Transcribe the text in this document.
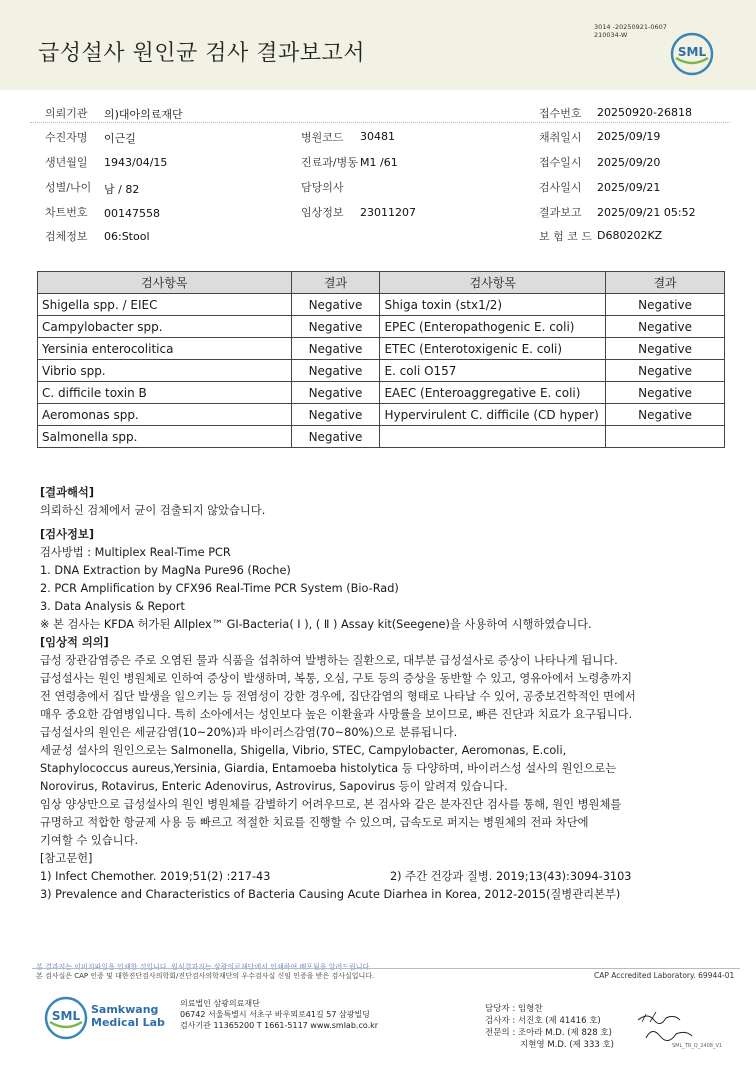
급성설사 원인균 검사 결과보고서
3014 -20250921-0607
210034-W
SML
의뢰기관 의)대아의료재단	접수번호 20250920-26818
수진자명 이근길	병원코드 30481	채취일시 2025/09/19
생년월일 1943/04/15	진료과/병동 M1 /61	접수일시 2025/09/20
성별/나이 남 / 82	담당의사	검사일시 2025/09/21
차트번호 00147558	임상정보 23011207	결과보고 2025/09/21 05:52
검체정보 06:Stool	보 험 코 드 D680202KZ
검사항목	결과	검사항목	결과
Shigella spp. / EIEC	Negative	Shiga toxin (stx1/2)	Negative
Campylobacter spp.	Negative	EPEC (Enteropathogenic E. coli)	Negative
Yersinia enterocolitica	Negative	ETEC (Enterotoxigenic E. coli)	Negative
Vibrio spp.	Negative	E. coli O157	Negative
C. difficile toxin B	Negative	EAEC (Enteroaggregative E. coli)	Negative
Aeromonas spp.	Negative	Hypervirulent C. difficile (CD hyper)	Negative
Salmonella spp.	Negative		
[결과해석]
의뢰하신 검체에서 균이 검출되지 않았습니다.
[검사정보]
검사방법 : Multiplex Real-Time PCR
1. DNA Extraction by MagNa Pure96 (Roche)
2. PCR Amplification by CFX96 Real-Time PCR System (Bio-Rad)
3. Data Analysis & Report
※ 본 검사는 KFDA 허가된 Allplex™ GI-Bacteria( Ⅰ ), ( Ⅱ ) Assay kit(Seegene)을 사용하여 시행하였습니다.
[임상적 의의]
급성 장관감염증은 주로 오염된 물과 식품을 섭취하여 발병하는 질환으로, 대부분 급성설사로 증상이 나타나게 됩니다.
급성설사는 원인 병원체로 인하여 증상이 발생하며, 복통, 오심, 구토 등의 증상을 동반할 수 있고, 영유아에서 노령층까지
전 연령층에서 집단 발생을 일으키는 등 전염성이 강한 경우에, 집단감염의 형태로 나타날 수 있어, 공중보건학적인 면에서
매우 중요한 감염병입니다. 특히 소아에서는 성인보다 높은 이환율과 사망률을 보이므로, 빠른 진단과 치료가 요구됩니다.
급성설사의 원인은 세균감염(10~20%)과 바이러스감염(70~80%)으로 분류됩니다.
세균성 설사의 원인으로는 Salmonella, Shigella, Vibrio, STEC, Campylobacter, Aeromonas, E.coli,
Staphylococcus aureus,Yersinia, Giardia, Entamoeba histolytica 등 다양하며, 바이러스성 설사의 원인으로는
Norovirus, Rotavirus, Enteric Adenovirus, Astrovirus, Sapovirus 등이 알려져 있습니다.
임상 양상만으로 급성설사의 원인 병원체를 감별하기 어려우므로, 본 검사와 같은 분자진단 검사를 통해, 원인 병원체를
규명하고 적합한 항균제 사용 등 빠르고 적절한 치료를 진행할 수 있으며, 급속도로 퍼지는 병원체의 전파 차단에
기여할 수 있습니다.
[참고문헌]
1) Infect Chemother. 2019;51(2) :217-43	2) 주간 건강과 질병. 2019;13(43):3094-3103
3) Prevalence and Characteristics of Bacteria Causing Acute Diarhea in Korea, 2012-2015(질병관리본부)
본 결과지는 이미지파일을 인쇄한 것입니다. 원식결과지는 삼광의료재단에서 인쇄하여 배포됨을 알려드립니다.
본 검사실은 CAP 인증 및 대한진단검사의학회/진단검사의학재단의 우수검사실 신임 인증을 받은 검사실입니다.	CAP Accredited Laboratory. 69944-01
SML Samkwang
Medical Lab
의료법인 삼광의료재단
06742 서울특별시 서초구 바우뫼로41길 57 삼광빌딩
검사기관 11365200 T 1661-5117 www.smlab.co.kr
담당자 : 임형찬
검사자 : 서진호 (제 41416 호)
전문의 : 조아라 M.D. (제 828 호)
지현영 M.D. (제 333 호)	SML_TR_Q_2408_V1
